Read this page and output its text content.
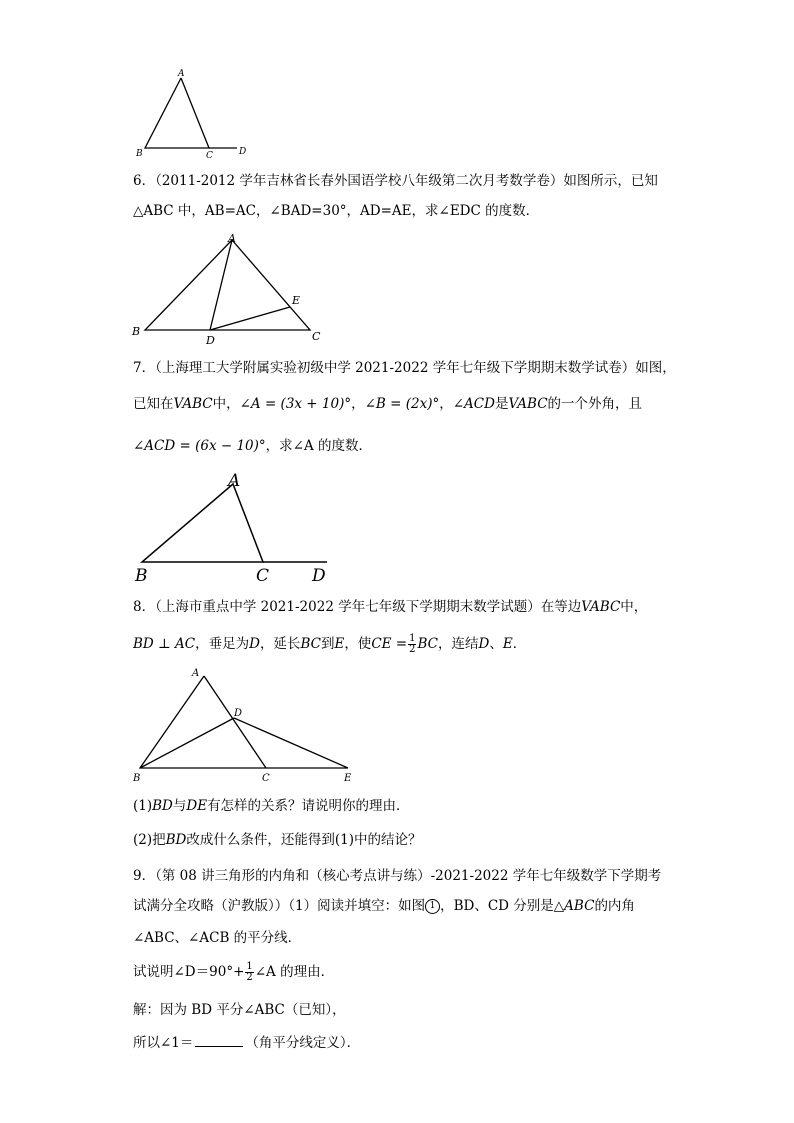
A
B	C	D
6．（2011-2012 学年吉林省长春外国语学校八年级第二次月考数学卷）如图所示，已知
△ABC 中，AB=AC，∠BAD=30°，AD=AE，求∠EDC 的度数．
A
B	C
D
E
7．（上海理工大学附属实验初级中学 2021-2022 学年七年级下学期期末数学试卷）如图，
已知在VABC中，∠A = (3x + 10)°，∠B = (2x)°，∠ACD是VABC的一个外角，且
∠ACD = (6x − 10)°，求∠A 的度数．
A
B	C	D
8．（上海市重点中学 2021-2022 学年七年级下学期期末数学试题）在等边VABC中，
BD ⊥ AC，垂足为D，延长BC到E，使CE = $\frac{1}{2}$ BC，连结D、E．
A
B	C
D
E
(1)BD与DE有怎样的关系？请说明你的理由．
(2)把BD改成什么条件，还能得到(1)中的结论？
9．（第 08 讲三角形的内角和（核心考点讲与练）-2021-2022 学年七年级数学下学期考
试满分全攻略（沪教版））（1）阅读并填空：如图 1 ，BD、CD 分别是△ABC的内角
∠ABC、∠ACB 的平分线．
试说明∠D＝90°+ $\frac{1}{2}$ ∠A 的理由．
解：因为 BD 平分∠ABC（已知），
所以∠1＝	（角平分线定义）．
